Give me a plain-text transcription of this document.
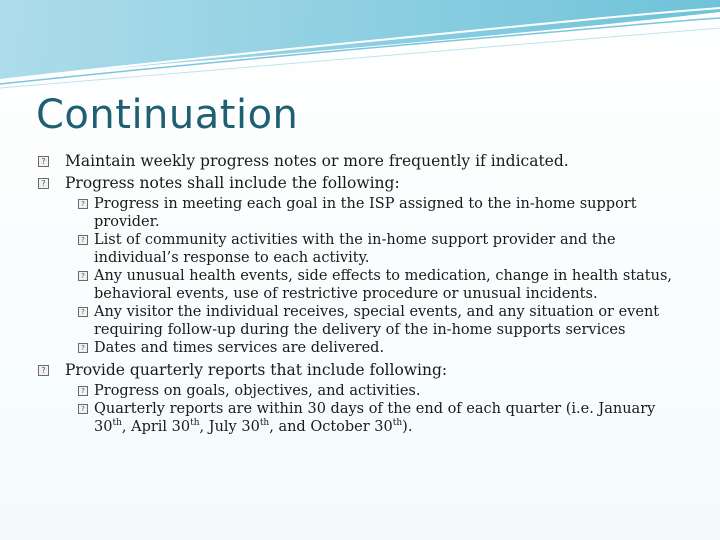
Continuation
?
Maintain weekly progress notes or more frequently if indicated.
?
Progress notes shall include the following:
?
Progress in meeting each goal in the ISP assigned to the in-home support provider.
?
List of community activities with the in-home support provider and the individual’s response to each activity.
?
Any unusual health events, side effects to medication, change in health status, behavioral events, use of restrictive procedure or unusual incidents.
?
Any visitor the individual receives, special events, and any situation or event requiring follow-up during the delivery of the in-home supports services
?
Dates and times services are delivered.
?
Provide quarterly reports that include following:
?
Progress on goals, objectives, and activities.
?
Quarterly reports are within 30 days of the end of each quarter (i.e. January 30th, April 30th, July 30th, and October 30th).
